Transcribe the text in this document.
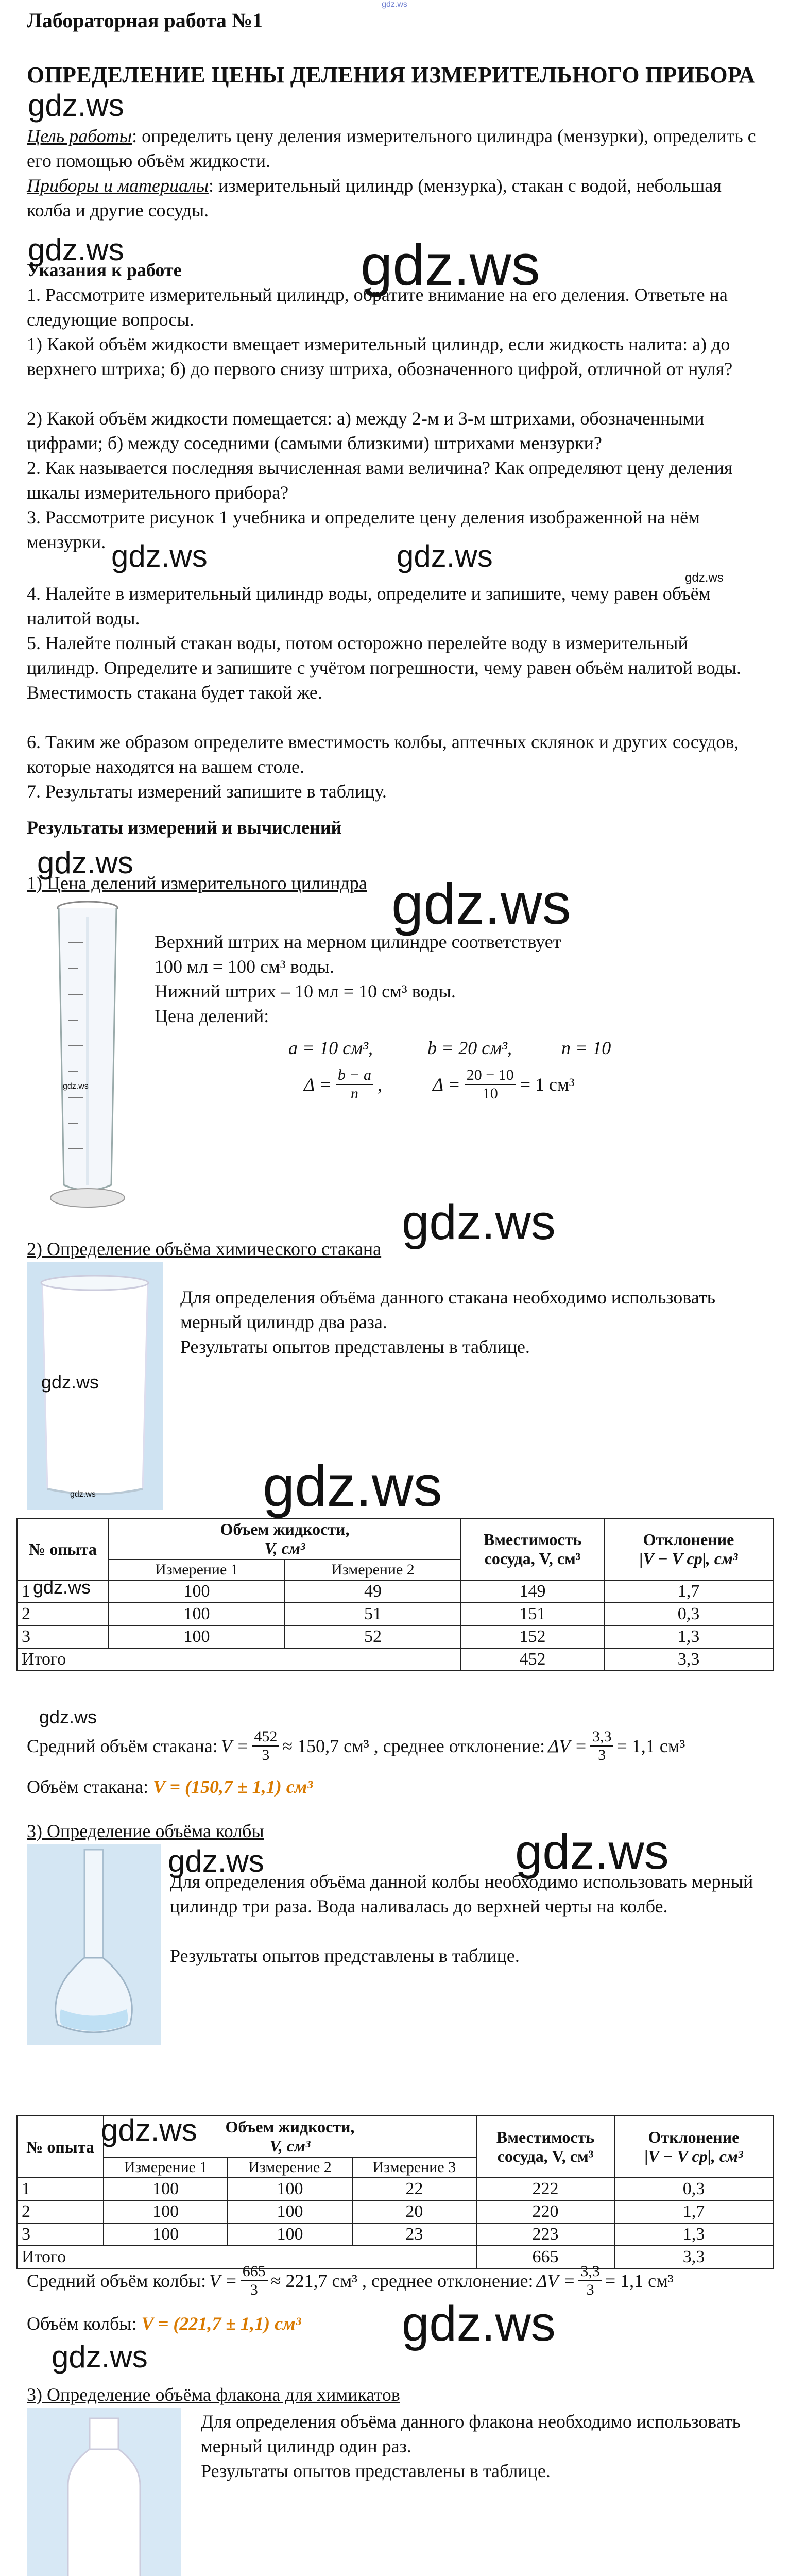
gdz.ws
Лабораторная работа №1
ОПРЕДЕЛЕНИЕ ЦЕНЫ ДЕЛЕНИЯ ИЗМЕРИТЕЛЬНОГО ПРИБОРА
gdz.ws
Цель работы: определить цену деления измерительного цилиндра (мензурки), определить с его помощью объём жидкости.
Приборы и материалы: измерительный цилиндр (мензурка), стакан с водой, небольшая колба и другие сосуды.
gdz.ws	gdz.ws
Указания к работе
1. Рассмотрите измерительный цилиндр, обратите внимание на его деления. Ответьте на следующие вопросы.
1) Какой объём жидкости вмещает измерительный цилиндр, если жидкость налита: а) до верхнего штриха; б) до первого снизу штриха, обозначенного цифрой, отличной от нуля?
2) Какой объём жидкости помещается: а) между 2-м и 3-м штрихами, обозначенными цифрами; б) между соседними (самыми близкими) штрихами мензурки?
2. Как называется последняя вычисленная вами величина? Как определяют цену деления шкалы измерительного прибора?
3. Рассмотрите рисунок 1 учебника и определите цену деления изображенной на нём мензурки. gdz.ws	gdz.ws
gdz.ws
4. Налейте в измерительный цилиндр воды, определите и запишите, чему равен объём налитой воды.
5. Налейте полный стакан воды, потом осторожно перелейте воду в измерительный цилиндр. Определите и запишите с учётом погрешности, чему равен объём налитой воды. Вместимость стакана будет такой же.
6. Таким же образом определите вместимость колбы, аптечных склянок и других сосудов, которые находятся на вашем столе.
7. Результаты измерений запишите в таблицу.
Результаты измерений и вычислений
gdz.ws
gdz.ws
1) Цена делений измерительного цилиндра
gdz.ws
Верхний штрих на мерном цилиндре соответствует
100 мл = 100 см³ воды.
Нижний штрих – 10 мл = 10 см³ воды.
Цена делений:
a = 10 см³,	b = 20 см³,	n = 10
$\Delta = \frac{b - a}{n}$ ,	$\Delta = \frac{20 - 10}{10} = 1$ см³
gdz.ws
2) Определение объёма химического стакана
gdz.ws
gdz.ws
Для определения объёма данного стакана необходимо использовать мерный цилиндр два раза.
Результаты опытов представлены в таблице.
gdz.ws
№ опыта	Объем жидкости,
V, см³		Вместимость сосуда, V, см³	Отклонение
|V − V ср|, см³
	Измерение 1	Измерение 2		
1	100	49	149	1,7
2	100	51	151	0,3
3	100	52	152	1,3
Итого			452	3,3
gdz.ws
gdz.ws
Средний объём стакана: $V = \frac{452}{3} \approx 150,7$ см³ , среднее отклонение: $\Delta V = \frac{3,3}{3} = 1,1$ см³
Объём стакана: V = (150,7 ± 1,1) см³
3) Определение объёма колбы	gdz.ws
gdz.ws
Для определения объёма данной колбы необходимо использовать мерный цилиндр три раза. Вода наливалась до верхней черты на колбе.
Результаты опытов представлены в таблице.
№ опыта	Объем жидкости,
V, см³			Вместимость сосуда, V, см³	Отклонение
|V − V ср|, см³
	Измерение 1	Измерение 2	Измерение 3		
1	100	100	22	222	0,3
2	100	100	20	220	1,7
3	100	100	23	223	1,3
Итого				665	3,3
gdz.ws
Средний объём колбы: $V = \frac{665}{3} \approx 221,7$ см³ , среднее отклонение: $\Delta V = \frac{3,3}{3} = 1,1$ см³
gdz.ws
Объём колбы: V = (221,7 ± 1,1) см³
gdz.ws
3) Определение объёма флакона для химикатов
Для определения объёма данного флакона необходимо использовать мерный цилиндр один раз.
Результаты опытов представлены в таблице.
